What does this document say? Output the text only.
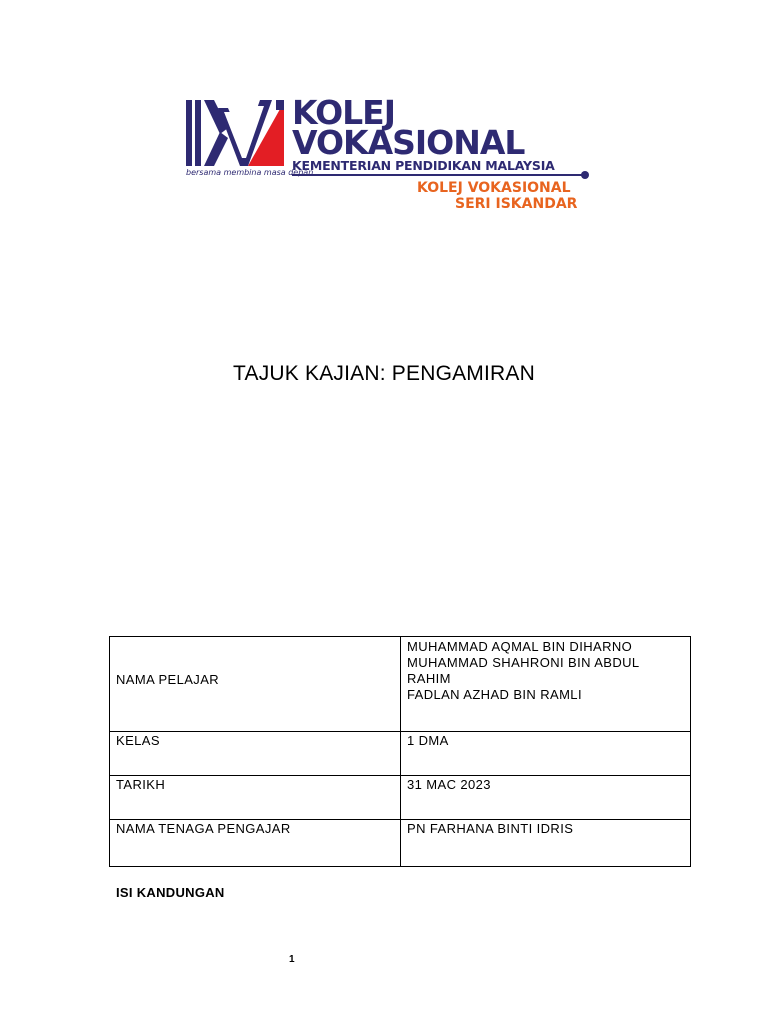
KOLEJ
VOKASIONAL
KEMENTERIAN PENDIDIKAN MALAYSIA
bersama membina masa depan
KOLEJ VOKASIONAL
SERI ISKANDAR
TAJUK KAJIAN: PENGAMIRAN
NAMA PELAJAR	MUHAMMAD AQMAL BIN DIHARNO
MUHAMMAD SHAHRONI BIN ABDUL
RAHIM
FADLAN AZHAD BIN RAMLI

KELAS	1 DMA
TARIKH	31 MAC 2023
NAMA TENAGA PENGAJAR	PN FARHANA BINTI IDRIS
ISI KANDUNGAN
1
